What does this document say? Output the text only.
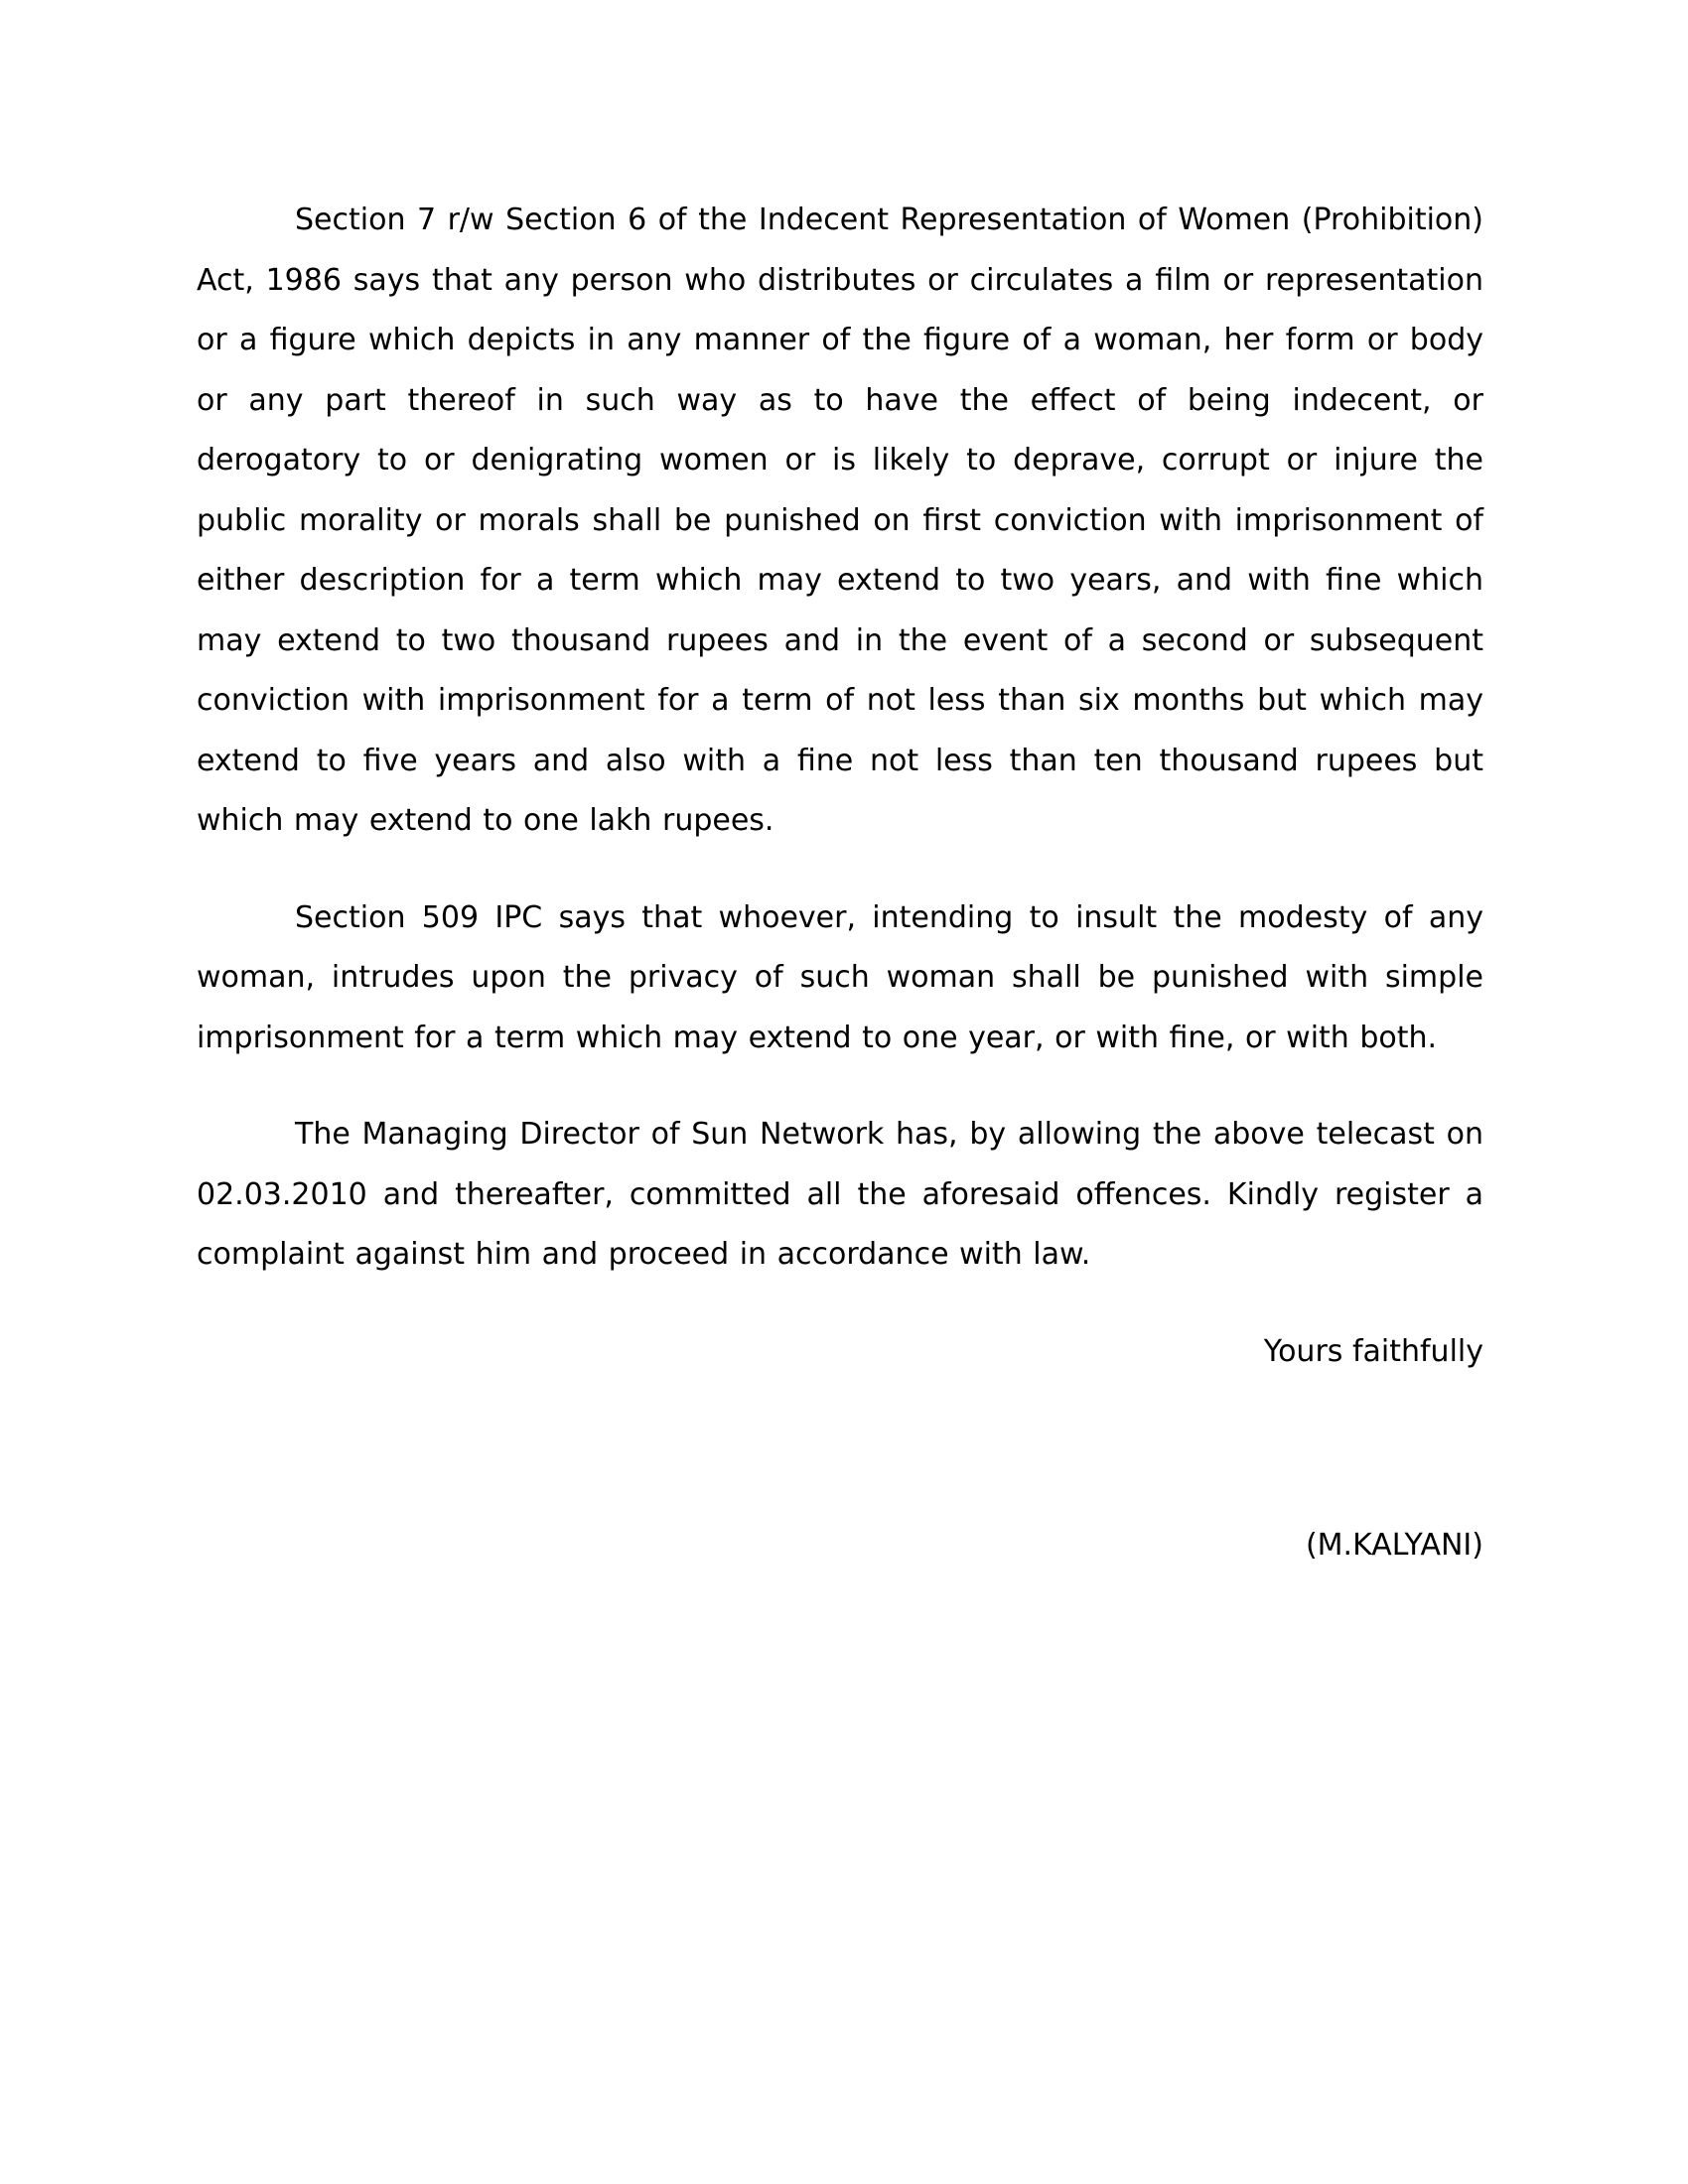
Section 7 r/w Section 6 of the Indecent Representation of Women (Prohibition) Act, 1986 says that any person who distributes or circulates a film or representation or a figure which depicts in any manner of the figure of a woman, her form or body or any part thereof in such way as to have the effect of being indecent, or derogatory to or denigrating women or is likely to deprave, corrupt or injure the public morality or morals shall be punished on first conviction with imprisonment of either description for a term which may extend to two years, and with fine which may extend to two thousand rupees and in the event of a second or subsequent conviction with imprisonment for a term of not less than six months but which may extend to five years and also with a fine not less than ten thousand rupees but which may extend to one lakh rupees.

Section 509 IPC says that whoever, intending to insult the modesty of any woman, intrudes upon the privacy of such woman shall be punished with simple imprisonment for a term which may extend to one year, or with fine, or with both.

The Managing Director of Sun Network has, by allowing the above telecast on 02.03.2010 and thereafter, committed all the aforesaid offences. Kindly register a complaint against him and proceed in accordance with law.

Yours faithfully

(M.KALYANI)
